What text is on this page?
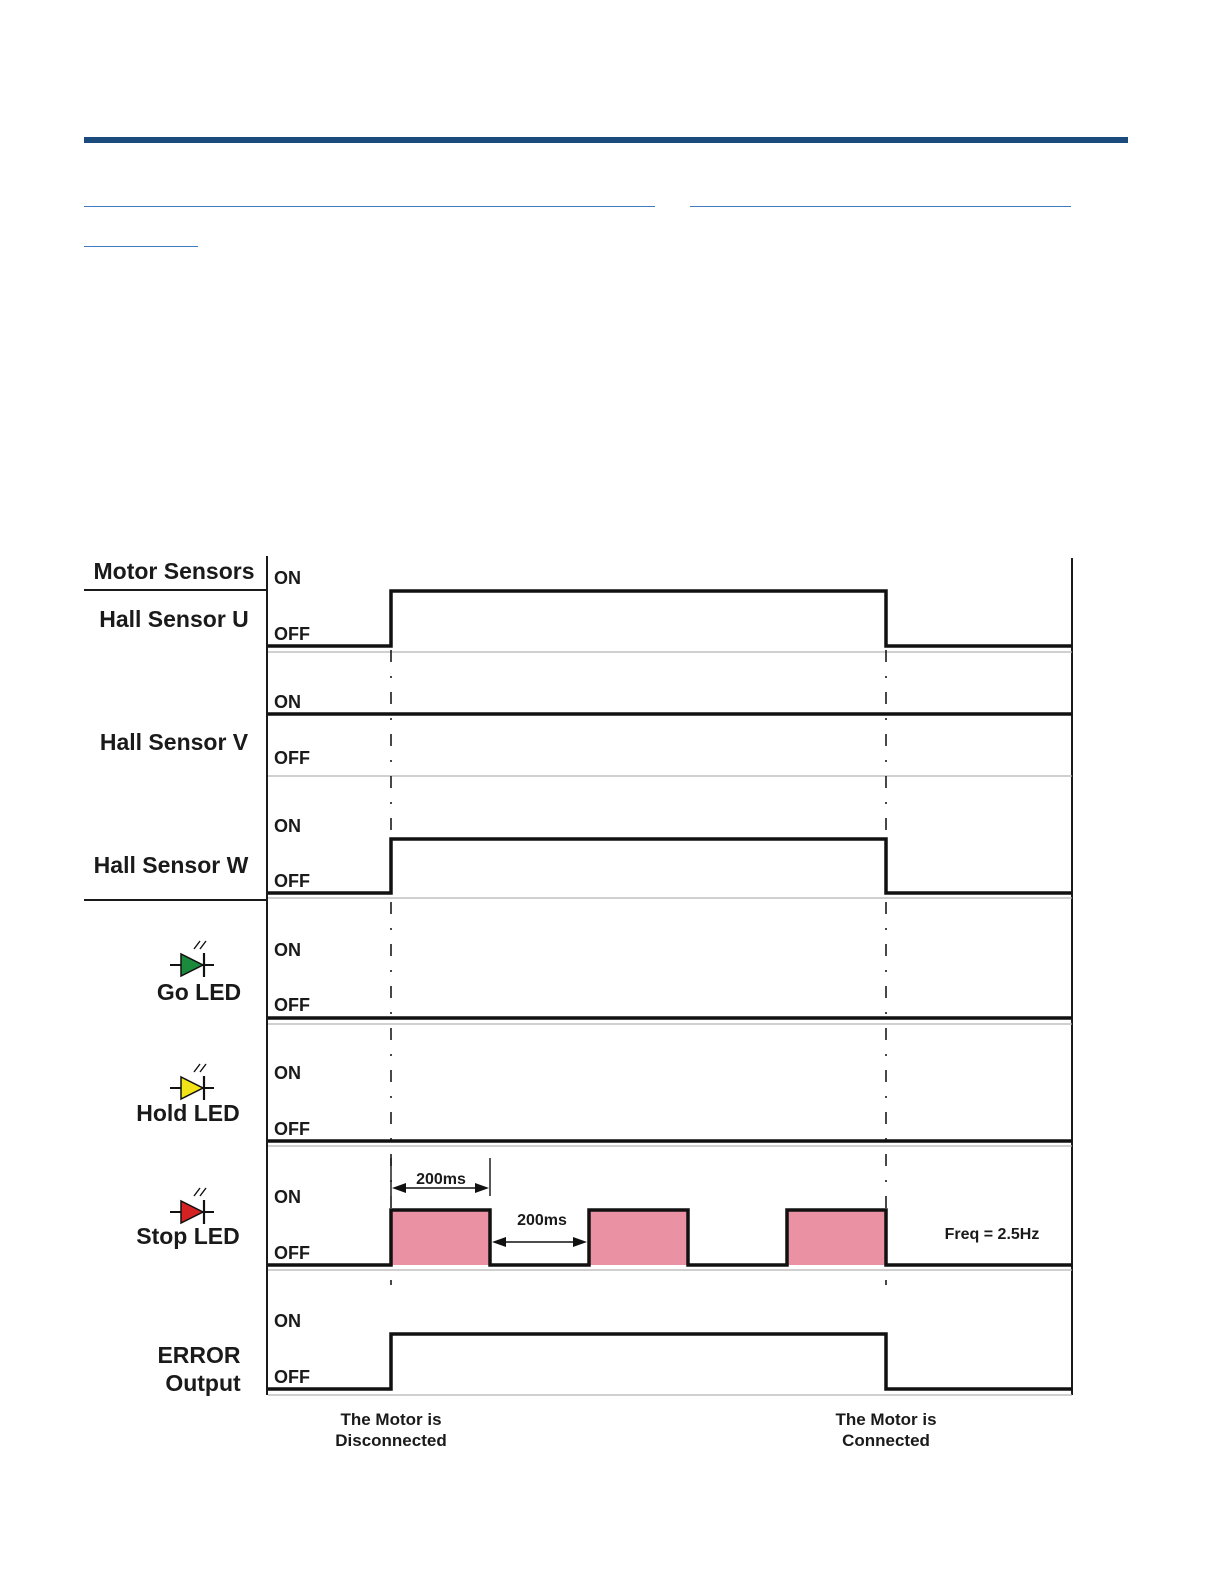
Motor Sensors
Hall Sensor U
ON
OFF
Hall Sensor V
ON
OFF
Hall Sensor W
ON
OFF
Go LED
ON
OFF
Hold LED
ON
OFF
Stop LED
ON
OFF
200ms
200ms
Freq = 2.5Hz
ERROR
Output
ON
OFF
The Motor is
Disconnected
The Motor is
Connected
